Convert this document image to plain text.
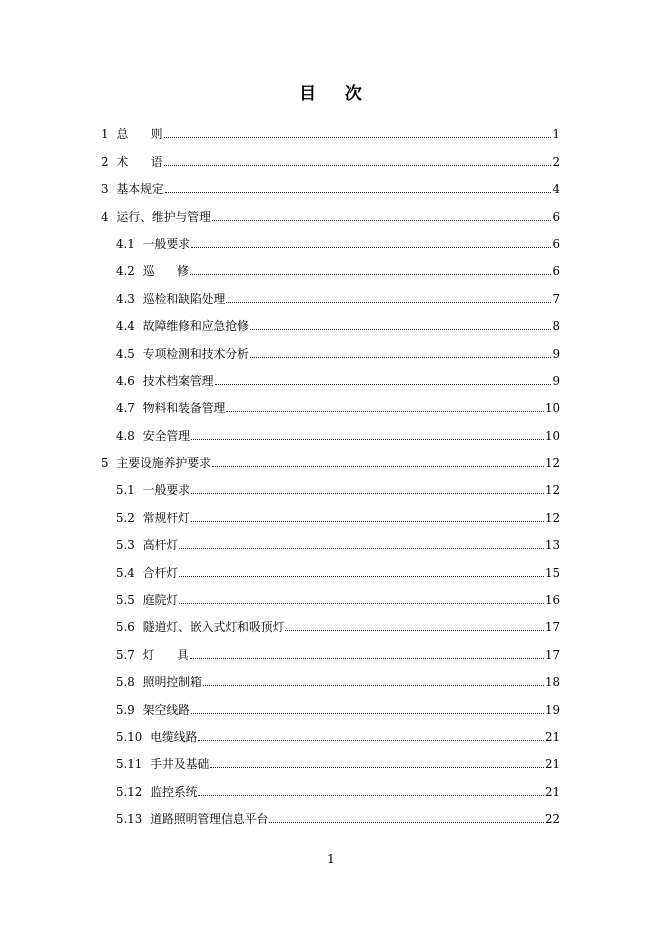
目    次
1 总      则	1
2 术      语	2
3 基本规定	4
4 运行、维护与管理	6
4.1 一般要求	6
4.2 巡      修	6
4.3 巡检和缺陷处理	7
4.4 故障维修和应急抢修	8
4.5 专项检测和技术分析	9
4.6 技术档案管理	9
4.7 物料和装备管理	10
4.8 安全管理	10
5 主要设施养护要求	12
5.1 一般要求	12
5.2 常规杆灯	12
5.3 高杆灯	13
5.4 合杆灯	15
5.5 庭院灯	16
5.6 隧道灯、嵌入式灯和吸顶灯	17
5.7 灯      具	17
5.8 照明控制箱	18
5.9 架空线路	19
5.10 电缆线路	21
5.11 手井及基础	21
5.12 监控系统	21
5.13 道路照明管理信息平台	22
1
